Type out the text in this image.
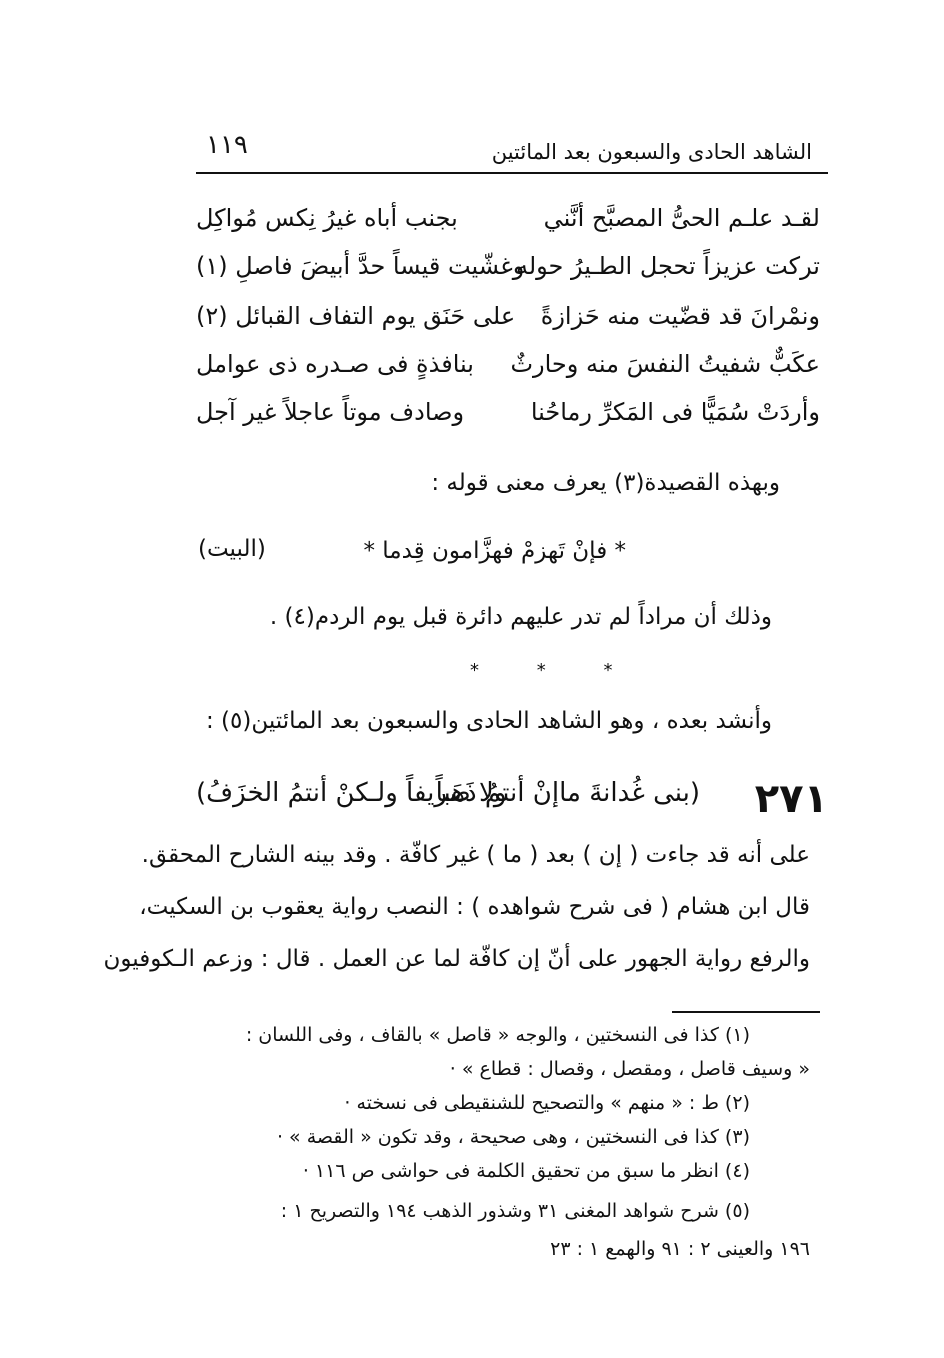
١١٩	الشاهد الحادى والسبعون بعد المائتين
لقـد علـم الحىُّ المصبَّح أنَّني
بجنب أباه غيرُ نِكس مُواكِل
تركت عزيزاً تحجل الطـيرُ حوله
وغشّيت قيساً حدَّ أبيضَ فاصلِ (١)
ونمْرانَ قد قضّيت منه حَزازةً
على حَنَق يوم التفاف القبائل (٢)
عكَبٌّ شفيتُ النفسَ منه وحارثٌ
بنافذةٍ فى صـدره ذى عوامل
وأردَتْ سُمَيًّا فى المَكرِّ رماحُنا
وصادف موتاً عاجلاً غير آجل
وبهذه القصيدة(٣) يعرف معنى قوله :
* فإنْ تَهزمْ فهزَّامون قِدما *
(البيت)
وذلك أن مراداً لم تدر عليهم دائرة قبل يوم الردم(٤) .
* * *
وأنشد بعده ، وهو الشاهد الحادى والسبعون بعد المائتين(٥) :
٢٧١
(بنى غُدانةَ ماإنْ أنتمُ ذَهَباً
ولا صريفاً ولـكنْ أنتمُ الخزَفُ)
على أنه قد جاءت ( إن ) بعد ( ما ) غير كافّة . وقد بينه الشارح المحقق.
قال ابن هشام ( فى شرح شواهده ) : النصب رواية يعقوب بن السكيت،
والرفع رواية الجهور على أنّ إن كافّة لما عن العمل . قال : وزعم الـكوفيون
(١) كذا فى النسختين ، والوجه « قاصل » بالقاف ، وفى اللسان :
« وسيف قاصل ، ومقصل ، وقصال : قطاع » ·
(٢) ط : « منهم » والتصحيح للشنقيطى فى نسخته ·
(٣) كذا فى النسختين ، وهى صحيحة ، وقد تكون « القصة » ·
(٤) انظر ما سبق من تحقيق الكلمة فى حواشى ص ١١٦ ·
(٥) شرح شواهد المغنى ٣١ وشذور الذهب ١٩٤ والتصريح ١ :
١٩٦ والعينى ٢ : ٩١ والهمع ١ : ٢٣
